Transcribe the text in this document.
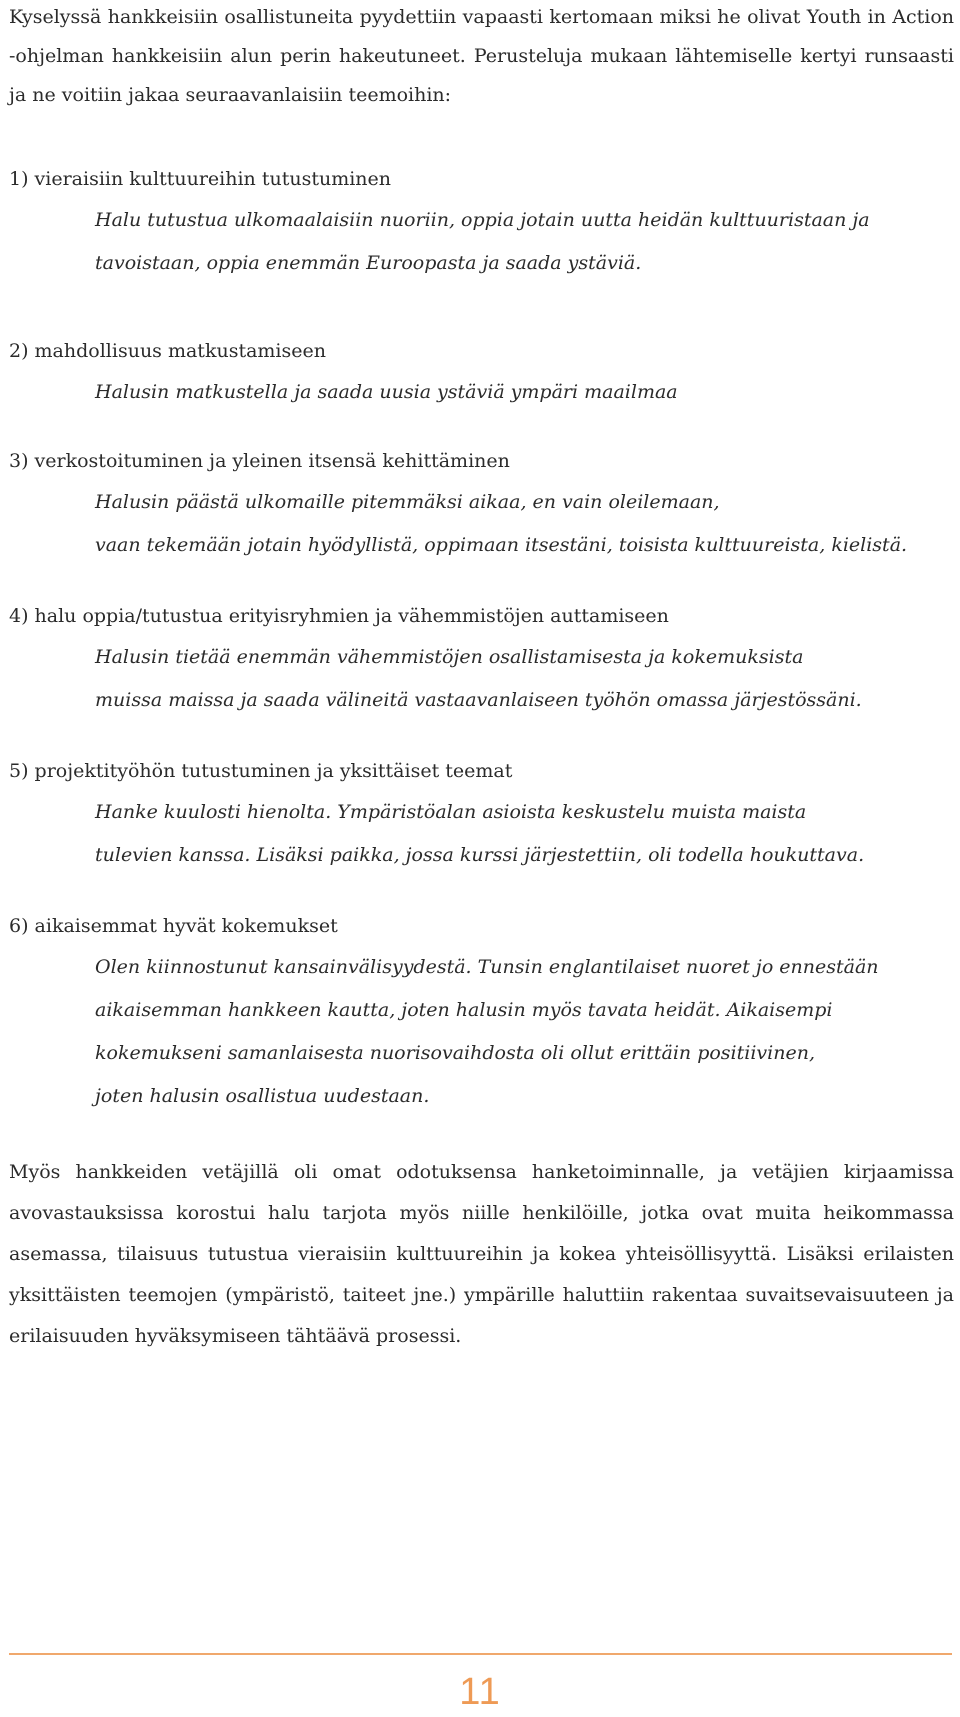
Kyselyssä hankkeisiin osallistuneita pyydettiin vapaasti kertomaan miksi he olivat Youth in Action -ohjelman hankkeisiin alun perin hakeutuneet. Perusteluja mukaan lähtemiselle kertyi runsaasti ja ne voitiin jakaa seuraavanlaisiin teemoihin:

1) vieraisiin kulttuureihin tutustuminen

Halu tutustua ulkomaalaisiin nuoriin, oppia jotain uutta heidän kulttuuristaan ja
tavoistaan, oppia enemmän Euroopasta ja saada ystäviä.

2) mahdollisuus matkustamiseen

Halusin matkustella ja saada uusia ystäviä ympäri maailmaa

3) verkostoituminen ja yleinen itsensä kehittäminen

Halusin päästä ulkomaille pitemmäksi aikaa, en vain oleilemaan,
vaan tekemään jotain hyödyllistä, oppimaan itsestäni, toisista kulttuureista, kielistä.

4) halu oppia/tutustua erityisryhmien ja vähemmistöjen auttamiseen

Halusin tietää enemmän vähemmistöjen osallistamisesta ja kokemuksista
muissa maissa ja saada välineitä vastaavanlaiseen työhön omassa järjestössäni.

5) projektityöhön tutustuminen ja yksittäiset teemat

Hanke kuulosti hienolta. Ympäristöalan asioista keskustelu muista maista
tulevien kanssa. Lisäksi paikka, jossa kurssi järjestettiin, oli todella houkuttava.

6) aikaisemmat hyvät kokemukset

Olen kiinnostunut kansainvälisyydestä. Tunsin englantilaiset nuoret jo ennestään
aikaisemman hankkeen kautta, joten halusin myös tavata heidät. Aikaisempi
kokemukseni samanlaisesta nuorisovaihdosta oli ollut erittäin positiivinen,
joten halusin osallistua uudestaan.

Myös hankkeiden vetäjillä oli omat odotuksensa hanketoiminnalle, ja vetäjien kirjaamissa avovastauksissa korostui halu tarjota myös niille henkilöille, jotka ovat muita heikommassa asemassa, tilaisuus tutustua vieraisiin kulttuureihin ja kokea yhteisöllisyyttä. Lisäksi erilaisten yksittäisten teemojen (ympäristö, taiteet jne.) ympärille haluttiin rakentaa suvaitsevaisuuteen ja erilaisuuden hyväksymiseen tähtäävä prosessi.

11
